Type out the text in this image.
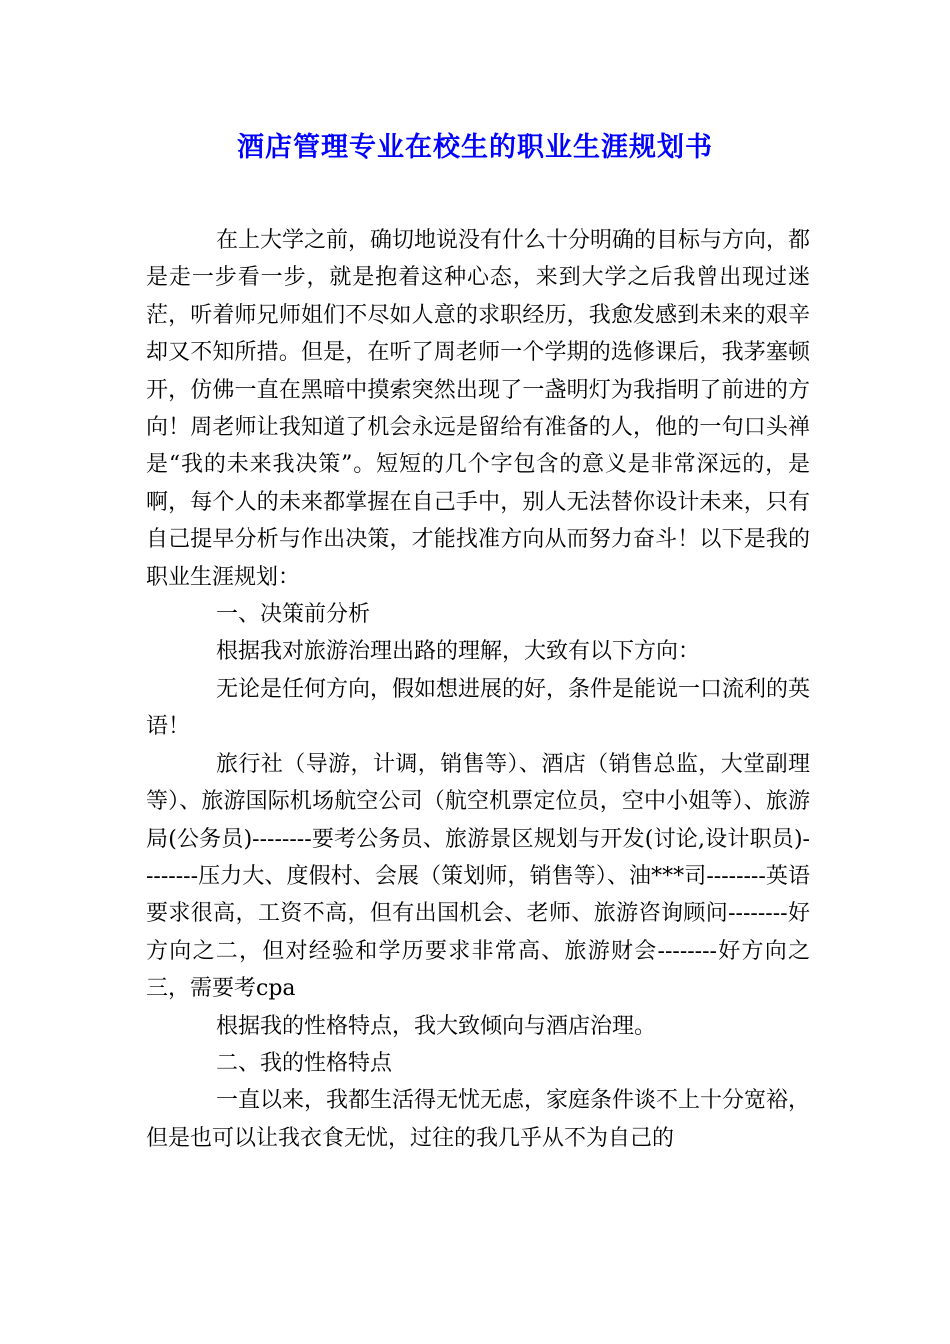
酒店管理专业在校生的职业生涯规划书

在上大学之前，确切地说没有什么十分明确的目标与方向，都是走一步看一步，就是抱着这种心态，来到大学之后我曾出现过迷茫，听着师兄师姐们不尽如人意的求职经历，我愈发感到未来的艰辛却又不知所措。但是，在听了周老师一个学期的选修课后，我茅塞顿开，仿佛一直在黑暗中摸索突然出现了一盏明灯为我指明了前进的方向！周老师让我知道了机会永远是留给有准备的人，他的一句口头禅是“我的未来我决策”。短短的几个字包含的意义是非常深远的，是啊，每个人的未来都掌握在自己手中，别人无法替你设计未来，只有自己提早分析与作出决策，才能找准方向从而努力奋斗！以下是我的职业生涯规划：

一、决策前分析

根据我对旅游治理出路的理解，大致有以下方向：

无论是任何方向，假如想进展的好，条件是能说一口流利的英语！

旅行社（导游，计调，销售等）、酒店（销售总监，大堂副理等）、旅游国际机场航空公司（航空机票定位员，空中小姐等）、旅游局(公务员)--------要考公务员、旅游景区规划与开发(讨论,设计职员)--------压力大、度假村、会展（策划师，销售等）、油***司--------英语要求很高，工资不高，但有出国机会、老师、旅游咨询顾问--------好方向之二，但对经验和学历要求非常高、旅游财会--------好方向之三，需要考cpa

根据我的性格特点，我大致倾向与酒店治理。

二、我的性格特点

一直以来，我都生活得无忧无虑，家庭条件谈不上十分宽裕，但是也可以让我衣食无忧，过往的我几乎从不为自己的
